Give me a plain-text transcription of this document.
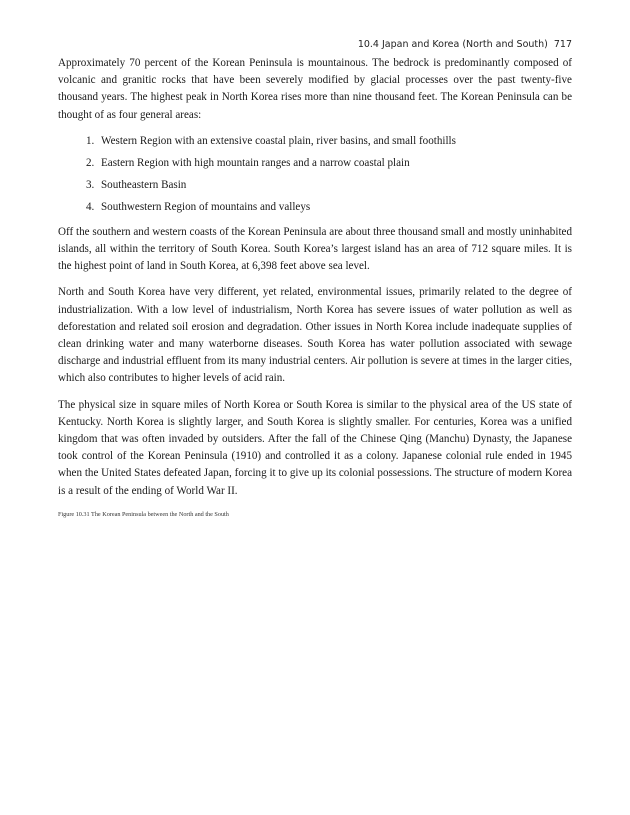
10.4 Japan and Korea (North and South) 717

Approximately 70 percent of the Korean Peninsula is mountainous. The bedrock is predominantly composed of volcanic and granitic rocks that have been severely modified by glacial processes over the past twenty-five thousand years. The highest peak in North Korea rises more than nine thousand feet. The Korean Peninsula can be thought of as four general areas:

1. Western Region with an extensive coastal plain, river basins, and small foothills
2. Eastern Region with high mountain ranges and a narrow coastal plain
3. Southeastern Basin
4. Southwestern Region of mountains and valleys

Off the southern and western coasts of the Korean Peninsula are about three thousand small and mostly uninhabited islands, all within the territory of South Korea. South Korea’s largest island has an area of 712 square miles. It is the highest point of land in South Korea, at 6,398 feet above sea level.

North and South Korea have very different, yet related, environmental issues, primarily related to the degree of industrialization. With a low level of industrialism, North Korea has severe issues of water pollution as well as deforestation and related soil erosion and degradation. Other issues in North Korea include inadequate supplies of clean drinking water and many waterborne diseases. South Korea has water pollution associated with sewage discharge and industrial effluent from its many industrial centers. Air pollution is severe at times in the larger cities, which also contributes to higher levels of acid rain.

The physical size in square miles of North Korea or South Korea is similar to the physical area of the US state of Kentucky. North Korea is slightly larger, and South Korea is slightly smaller. For centuries, Korea was a unified kingdom that was often invaded by outsiders. After the fall of the Chinese Qing (Manchu) Dynasty, the Japanese took control of the Korean Peninsula (1910) and controlled it as a colony. Japanese colonial rule ended in 1945 when the United States defeated Japan, forcing it to give up its colonial possessions. The structure of modern Korea is a result of the ending of World War II.

Figure 10.31 The Korean Peninsula between the North and the South
